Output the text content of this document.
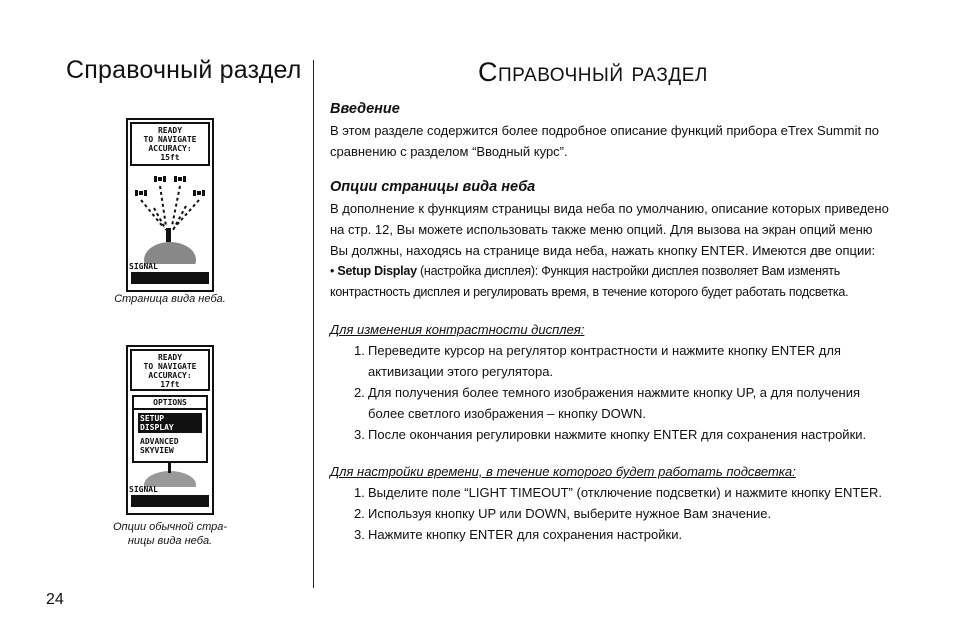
Справочный раздел	Справочный раздел
READY
TO NAVIGATE
ACCURACY:
15ft
SIGNAL
Страница вида неба.
READY
TO NAVIGATE
ACCURACY:
17ft
OPTIONS
SETUP DISPLAY
ADVANCED SKYVIEW
SIGNAL
Опции обычной стра-
ницы вида неба.

Введение

В этом разделе содержится более подробное описание функций прибора eTrex Summit по сравнению с разделом “Вводный курс”.

Опции страницы вида неба

В дополнение к функциям страницы вида неба по умолчанию, описание которых приведено на стр. 12, Вы можете использовать также меню опций. Для вызова на экран опций меню Вы должны, находясь на странице вида неба, нажать кнопку ENTER. Имеются две опции:

• Setup Display (настройка дисплея): Функция настройки дисплея позволяет Вам изменять контрастность дисплея и регулировать время, в течение которого будет работать подсветка.

Для изменения контрастности дисплея:

1. Переведите курсор на регулятор контрастности и нажмите кнопку ENTER для активизации этого регулятора.
2. Для получения более темного изображения нажмите кнопку UP, а для получения более светлого изображения – кнопку DOWN.
3. После окончания регулировки нажмите кнопку ENTER для сохранения настройки.

Для настройки времени, в течение которого будет работать подсветка:

1. Выделите поле “LIGHT TIMEOUT” (отключение подсветки) и нажмите кнопку ENTER.
2. Используя кнопку UP или DOWN, выберите нужное Вам значение.
3. Нажмите кнопку ENTER для сохранения настройки.
24
